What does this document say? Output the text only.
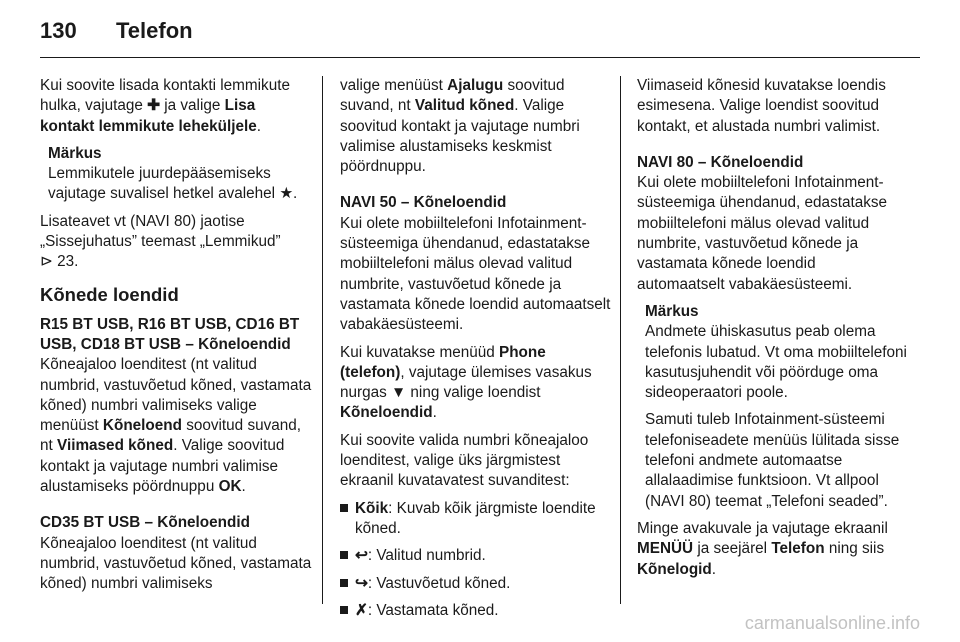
130 Telefon

Kui soovite lisada kontakti lemmikute hulka, vajutage ✚ ja valige Lisa kontakt lemmikute leheküljele.

Märkus

Lemmikutele juurdepääsemiseks vajutage suvalisel hetkel avalehel ★.

Lisateavet vt (NAVI 80) jaotise „Sissejuhatus” teemast „Lemmikud”
⊳ 23.

Kõnede loendid

R15 BT USB, R16 BT USB, CD16 BT USB, CD18 BT USB – Kõneloendid

Kõneajaloo loenditest (nt valitud numbrid, vastuvõetud kõned, vastamata kõned) numbri valimiseks valige menüüst Kõneloend soovitud suvand, nt Viimased kõned. Valige soovitud kontakt ja vajutage numbri valimise alustamiseks pöördnuppu OK.

CD35 BT USB – Kõneloendid

Kõneajaloo loenditest (nt valitud numbrid, vastuvõetud kõned, vastamata kõned) numbri valimiseks

valige menüüst Ajalugu soovitud suvand, nt Valitud kõned. Valige soovitud kontakt ja vajutage numbri valimise alustamiseks keskmist pöördnuppu.

NAVI 50 – Kõneloendid

Kui olete mobiiltelefoni Infotainment-süsteemiga ühendanud, edastatakse mobiiltelefoni mälus olevad valitud numbrite, vastuvõetud kõnede ja vastamata kõnede loendid automaatselt vabakäesüsteemi.

Kui kuvatakse menüüd Phone (telefon), vajutage ülemises vasakus nurgas ▼ ning valige loendist Kõneloendid.

Kui soovite valida numbri kõneajaloo loenditest, valige üks järgmistest ekraanil kuvatavatest suvanditest:

Kõik: Kuvab kõik järgmiste loendite kõned.
↩: Valitud numbrid.
↪: Vastuvõetud kõned.
✗: Vastamata kõned.

Viimaseid kõnesid kuvatakse loendis esimesena. Valige loendist soovitud kontakt, et alustada numbri valimist.

NAVI 80 – Kõneloendid

Kui olete mobiiltelefoni Infotainment-süsteemiga ühendanud, edastatakse mobiiltelefoni mälus olevad valitud numbrite, vastuvõetud kõnede ja vastamata kõnede loendid automaatselt vabakäesüsteemi.

Märkus

Andmete ühiskasutus peab olema telefonis lubatud. Vt oma mobiiltelefoni kasutusjuhendit või pöörduge oma sideoperaatori poole.

Samuti tuleb Infotainment-süsteemi telefoniseadete menüüs lülitada sisse telefoni andmete automaatse allalaadimise funktsioon. Vt allpool (NAVI 80) teemat „Telefoni seaded”.

Minge avakuvale ja vajutage ekraanil MENÜÜ ja seejärel Telefon ning siis Kõnelogid.

carmanualsonline.info
